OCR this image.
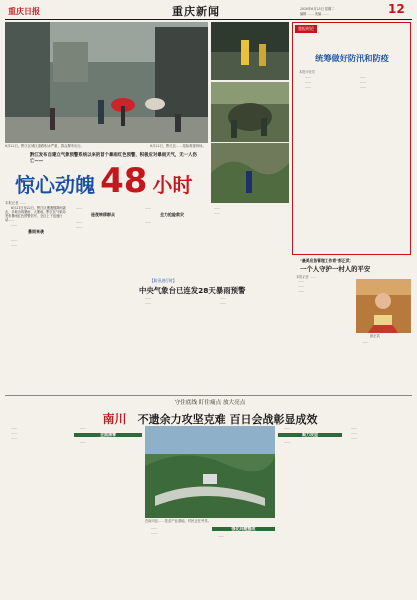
重庆日报	重庆新闻	2020年6月23日 星期二
编辑 …… 美编 ……	12
6月22日，黔江区城区道路积水严重，群众撑伞出行。	6月22日，黔江区……抢险救援现场。
黔江发布自建立气象预警系统以来的首个暴雨红色预警，积极应对暴雨天气，无一人伤亡——
惊心动魄 48 小时
本报记者 ……

6月21日至22日，黔江区遭遇强降雨袭击，多地出现暴雨、大暴雨。黔江区气象局发布暴雨红色预警信号，全区上下迅速行动……

……

暴雨来袭

……

……

……

连夜转移群众

……

……

……

全力抢险救灾

……

……

……

【防汛进行时】
中央气象台已连发28天暴雨预警

……

……

……

……

重报时论
统筹做好防汛和防疫
本报评论员

……

……

……

……

……

……

"最美应急管理工作者"彭正武：
一个人守护一村人的平安
本报记者 ……

……

……

……

彭正武

……

守住底线 盯住痛点 放大亮点
南川 不遗余力攻坚克难 百日会战彰显成效

……

……

……

……

全面清零

……

在南川区……扶贫产业基地，村民正在劳作。

……

……

强化问题整改

……

……

聚力攻坚

……

……

……

……
